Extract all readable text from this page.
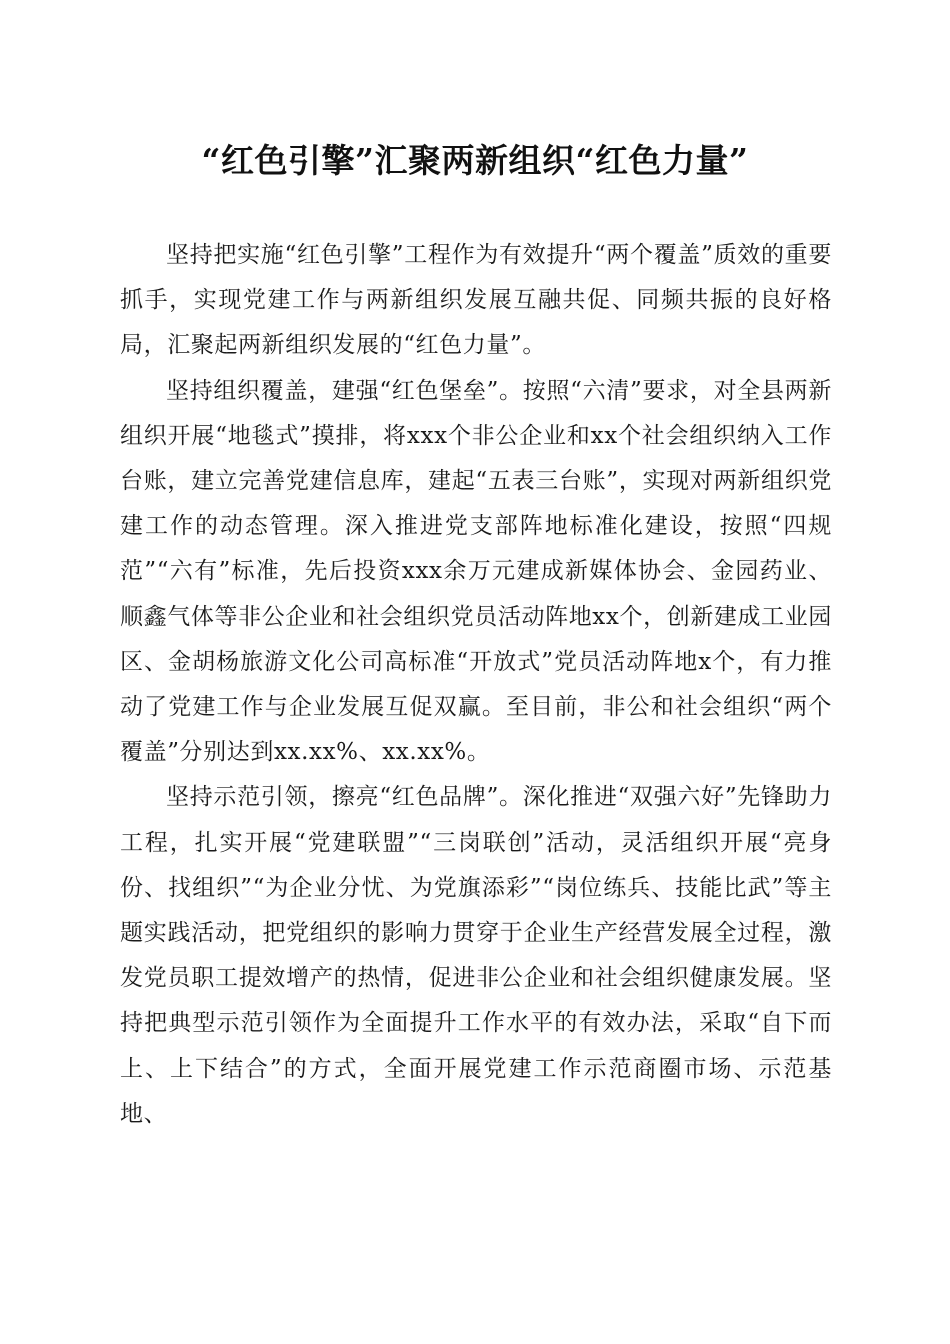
“红色引擎”汇聚两新组织“红色力量”

坚持把实施“红色引擎”工程作为有效提升“两个覆盖”质效的重要抓手，实现党建工作与两新组织发展互融共促、同频共振的良好格局，汇聚起两新组织发展的“红色力量”。

坚持组织覆盖，建强“红色堡垒”。按照“六清”要求，对全县两新组织开展“地毯式”摸排，将xxx个非公企业和xx个社会组织纳入工作台账，建立完善党建信息库，建起“五表三台账”，实现对两新组织党建工作的动态管理。深入推进党支部阵地标准化建设，按照“四规范”“六有”标准，先后投资xxx余万元建成新媒体协会、金园药业、顺鑫气体等非公企业和社会组织党员活动阵地xx个，创新建成工业园区、金胡杨旅游文化公司高标准“开放式”党员活动阵地x个，有力推动了党建工作与企业发展互促双赢。至目前，非公和社会组织“两个覆盖”分别达到xx.xx%、xx.xx%。

坚持示范引领，擦亮“红色品牌”。深化推进“双强六好”先锋助力工程，扎实开展“党建联盟”“三岗联创”活动，灵活组织开展“亮身份、找组织”“为企业分忧、为党旗添彩”“岗位练兵、技能比武”等主题实践活动，把党组织的影响力贯穿于企业生产经营发展全过程，激发党员职工提效增产的热情，促进非公企业和社会组织健康发展。坚持把典型示范引领作为全面提升工作水平的有效办法，采取“自下而上、上下结合”的方式，全面开展党建工作示范商圈市场、示范基地、
